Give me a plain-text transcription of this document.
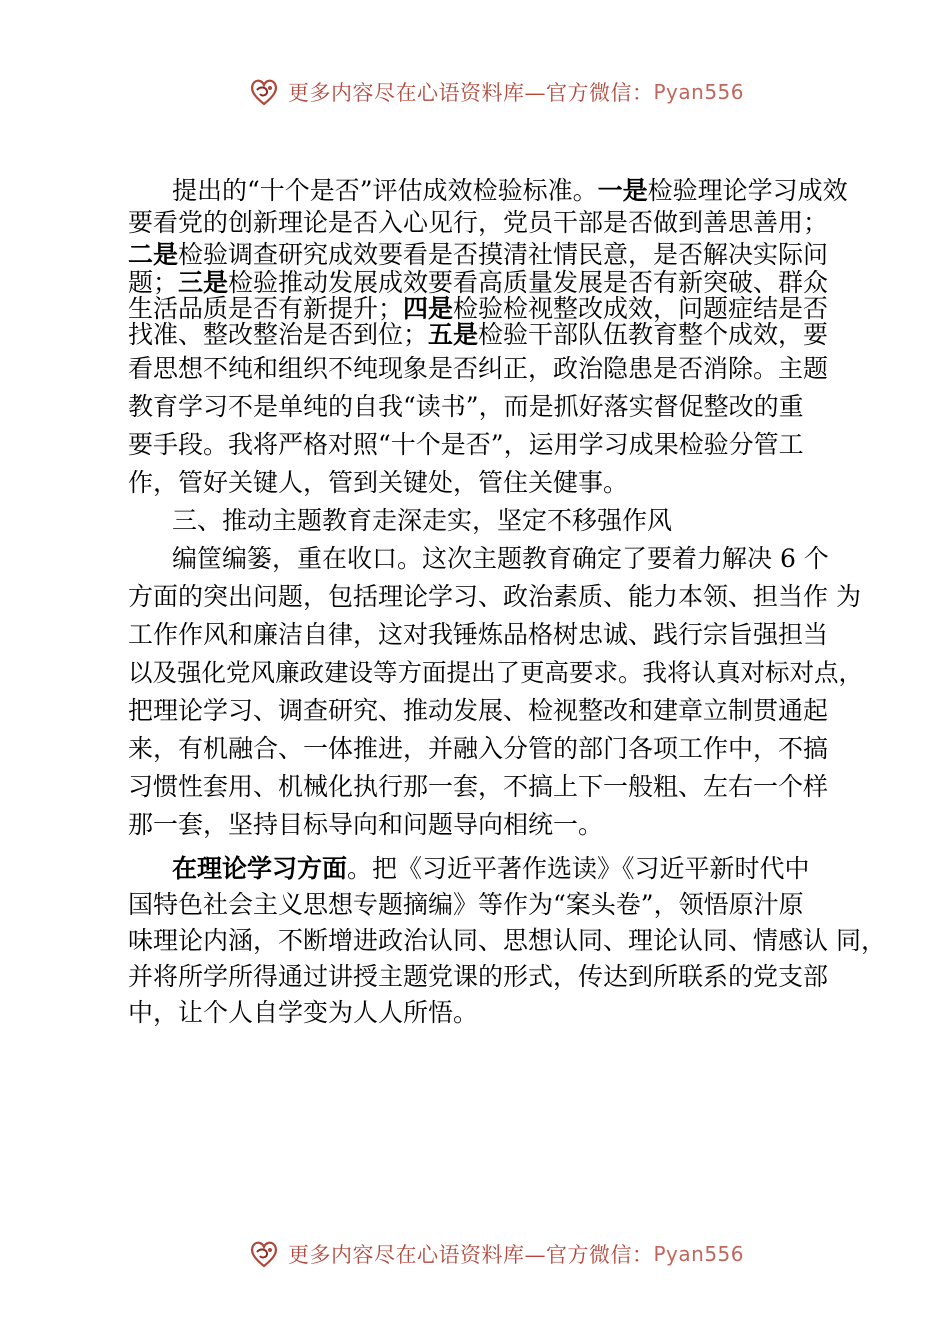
更多内容尽在心语资料库—官方微信： Pyan556
提出的“十个是否”评估成效检验标准。一是检验理论学习成效
要看党的创新理论是否入心见行，党员干部是否做到善思善用；
二是检验调查研究成效要看是否摸清社情民意，是否解决实际问
题；三是检验推动发展成效要看高质量发展是否有新突破、群众
生活品质是否有新提升；四是检验检视整改成效，问题症结是否
找准、整改整治是否到位；五是检验干部队伍教育整个成效，要
看思想不纯和组织不纯现象是否纠正，政治隐患是否消除。主题
教育学习不是单纯的自我“读书”，而是抓好落实督促整改的重
要手段。我将严格对照“十个是否”，运用学习成果检验分管工
作，管好关键人，管到关键处，管住关健事。
三、推动主题教育走深走实，坚定不移强作风
编筐编篓，重在收口。这次主题教育确定了要着力解决 6 个
方面的突出问题，包括理论学习、政治素质、能力本领、担当作 为
工作作风和廉洁自律，这对我锤炼品格树忠诚、践行宗旨强担当
以及强化党风廉政建设等方面提出了更高要求。我将认真对标对点，
把理论学习、调查研究、推动发展、检视整改和建章立制贯通起
来，有机融合、一体推进，并融入分管的部门各项工作中，不搞
习惯性套用、机械化执行那一套，不搞上下一般粗、左右一个样
那一套，坚持目标导向和问题导向相统一。
在理论学习方面。把《习近平著作选读》《习近平新时代中
国特色社会主义思想专题摘编》等作为“案头卷”，领悟原汁原
味理论内涵，不断增进政治认同、思想认同、理论认同、情感认 同，
并将所学所得通过讲授主题党课的形式，传达到所联系的党支部
中，让个人自学变为人人所悟。
更多内容尽在心语资料库—官方微信： Pyan556
